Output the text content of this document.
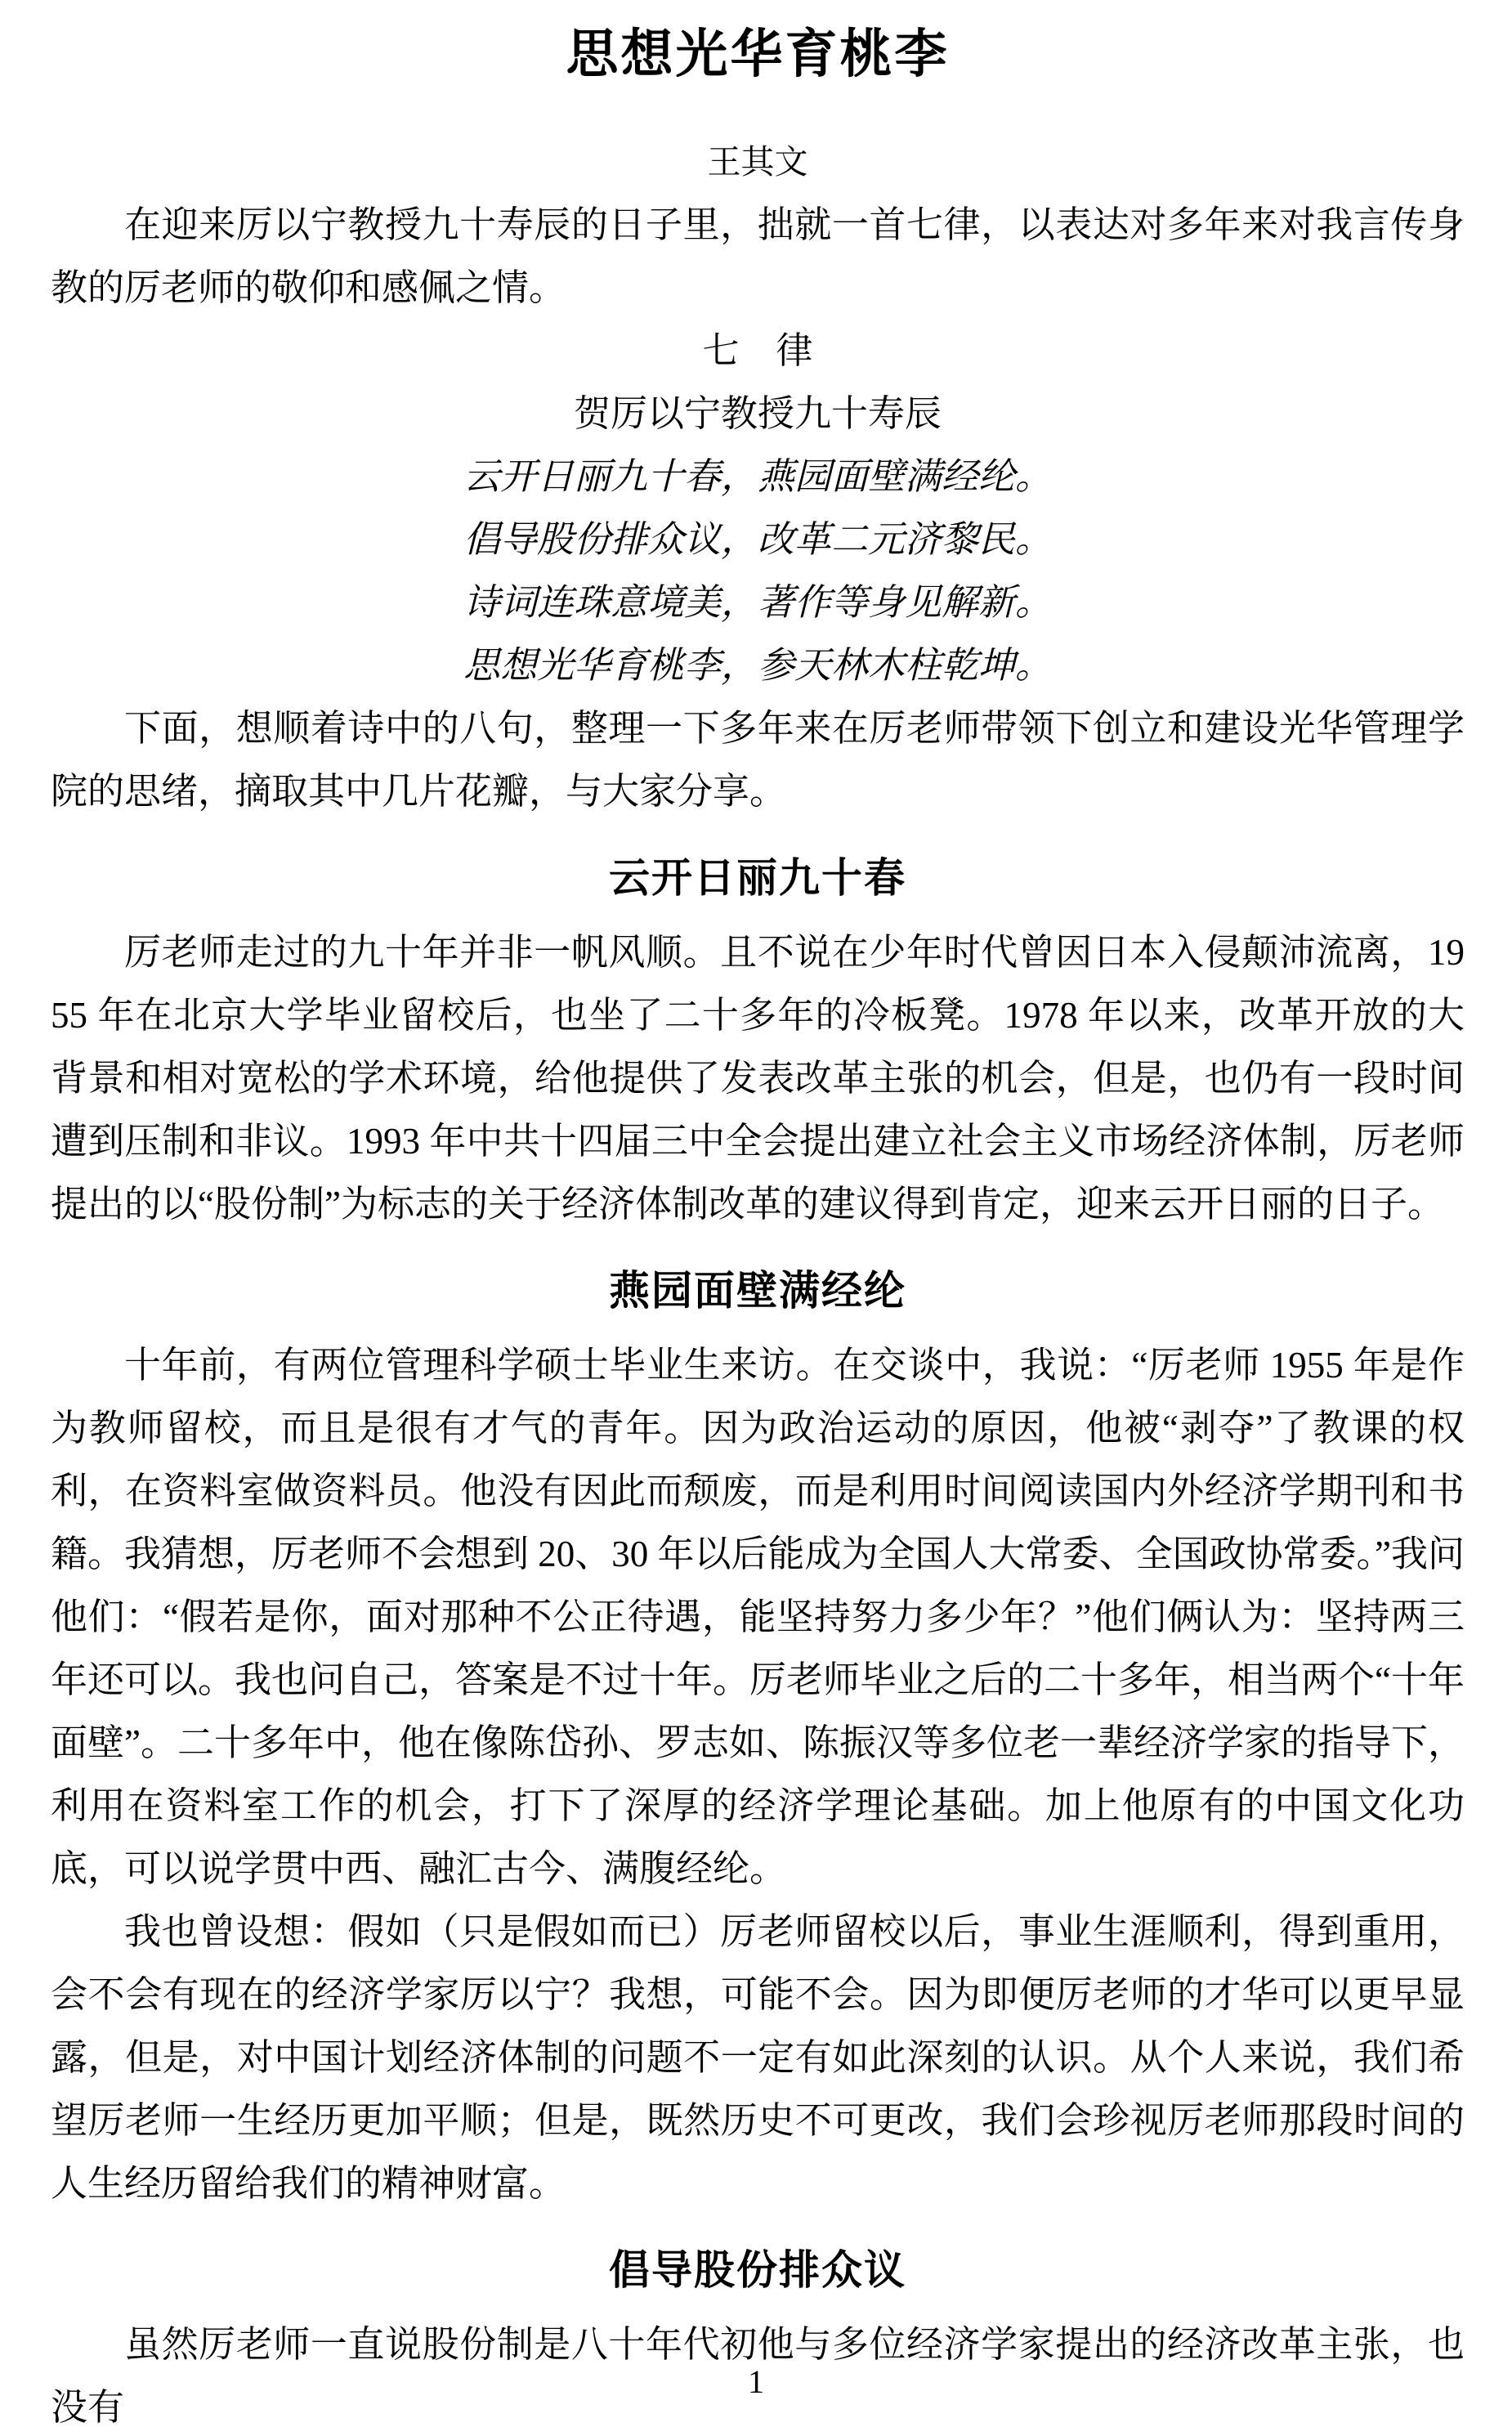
思想光华育桃李
王其文

在迎来厉以宁教授九十寿辰的日子里，拙就一首七律，以表达对多年来对我言传身教的厉老师的敬仰和感佩之情。

七　律

贺厉以宁教授九十寿辰

云开日丽九十春，燕园面壁满经纶。

倡导股份排众议，改革二元济黎民。

诗词连珠意境美，著作等身见解新。

思想光华育桃李，参天林木柱乾坤。

下面，想顺着诗中的八句，整理一下多年来在厉老师带领下创立和建设光华管理学院的思绪，摘取其中几片花瓣，与大家分享。

云开日丽九十春

厉老师走过的九十年并非一帆风顺。且不说在少年时代曾因日本入侵颠沛流离，1955 年在北京大学毕业留校后，也坐了二十多年的冷板凳。1978 年以来，改革开放的大背景和相对宽松的学术环境，给他提供了发表改革主张的机会，但是，也仍有一段时间遭到压制和非议。1993 年中共十四届三中全会提出建立社会主义市场经济体制，厉老师提出的以“股份制”为标志的关于经济体制改革的建议得到肯定，迎来云开日丽的日子。

燕园面壁满经纶

十年前，有两位管理科学硕士毕业生来访。在交谈中，我说：“厉老师 1955 年是作为教师留校，而且是很有才气的青年。因为政治运动的原因，他被“剥夺”了教课的权利，在资料室做资料员。他没有因此而颓废，而是利用时间阅读国内外经济学期刊和书籍。我猜想，厉老师不会想到 20、30 年以后能成为全国人大常委、全国政协常委。”我问他们：“假若是你，面对那种不公正待遇，能坚持努力多少年？”他们俩认为：坚持两三年还可以。我也问自己，答案是不过十年。厉老师毕业之后的二十多年，相当两个“十年面壁”。二十多年中，他在像陈岱孙、罗志如、陈振汉等多位老一辈经济学家的指导下，利用在资料室工作的机会，打下了深厚的经济学理论基础。加上他原有的中国文化功底，可以说学贯中西、融汇古今、满腹经纶。

我也曾设想：假如（只是假如而已）厉老师留校以后，事业生涯顺利，得到重用，会不会有现在的经济学家厉以宁？我想，可能不会。因为即便厉老师的才华可以更早显露，但是，对中国计划经济体制的问题不一定有如此深刻的认识。从个人来说，我们希望厉老师一生经历更加平顺；但是，既然历史不可更改，我们会珍视厉老师那段时间的人生经历留给我们的精神财富。

倡导股份排众议

虽然厉老师一直说股份制是八十年代初他与多位经济学家提出的经济改革主张，也没有

1
